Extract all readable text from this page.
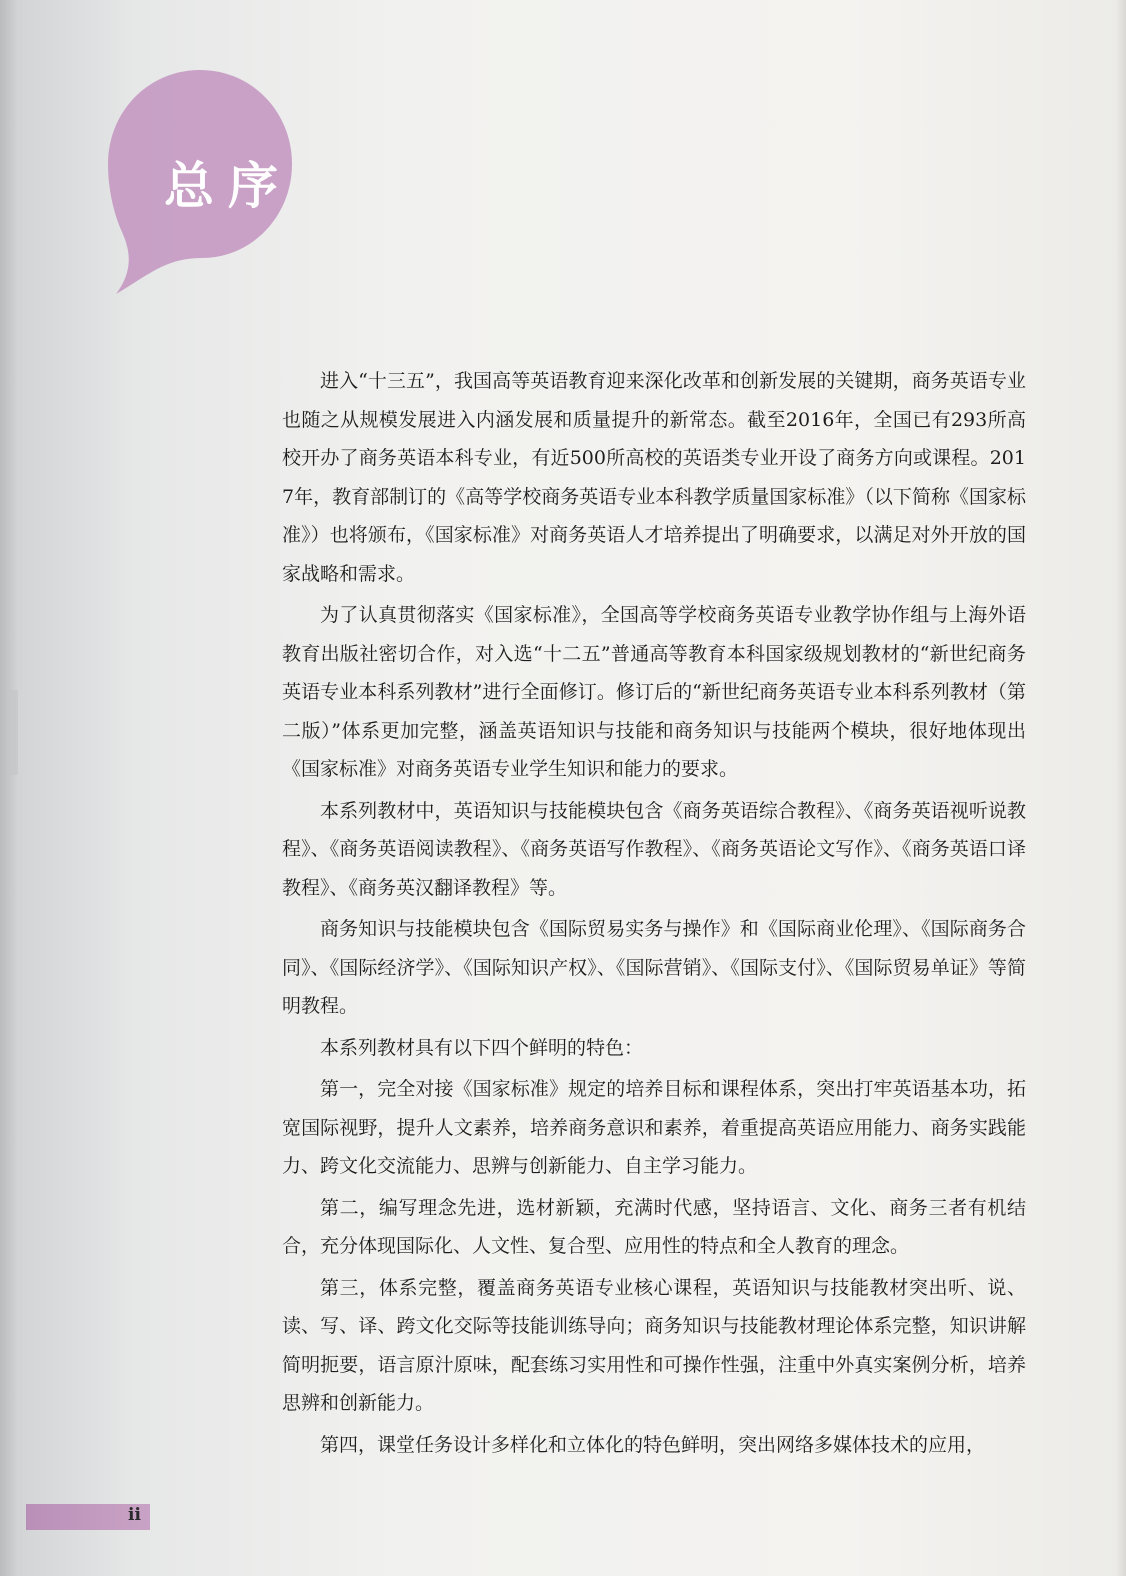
总序

进入“十三五”，我国高等英语教育迎来深化改革和创新发展的关键期，商务英语专业也随之从规模发展进入内涵发展和质量提升的新常态。截至2016年，全国已有293所高校开办了商务英语本科专业，有近500所高校的英语类专业开设了商务方向或课程。2017年，教育部制订的《高等学校商务英语专业本科教学质量国家标准》（以下简称《国家标准》）也将颁布，《国家标准》对商务英语人才培养提出了明确要求，以满足对外开放的国家战略和需求。

为了认真贯彻落实《国家标准》，全国高等学校商务英语专业教学协作组与上海外语教育出版社密切合作，对入选“十二五”普通高等教育本科国家级规划教材的“新世纪商务英语专业本科系列教材”进行全面修订。修订后的“新世纪商务英语专业本科系列教材（第二版）”体系更加完整，涵盖英语知识与技能和商务知识与技能两个模块，很好地体现出《国家标准》对商务英语专业学生知识和能力的要求。

本系列教材中，英语知识与技能模块包含《商务英语综合教程》、《商务英语视听说教程》、《商务英语阅读教程》、《商务英语写作教程》、《商务英语论文写作》、《商务英语口译教程》、《商务英汉翻译教程》等。

商务知识与技能模块包含《国际贸易实务与操作》和《国际商业伦理》、《国际商务合同》、《国际经济学》、《国际知识产权》、《国际营销》、《国际支付》、《国际贸易单证》等简明教程。

本系列教材具有以下四个鲜明的特色：

第一，完全对接《国家标准》规定的培养目标和课程体系，突出打牢英语基本功，拓宽国际视野，提升人文素养，培养商务意识和素养，着重提高英语应用能力、商务实践能力、跨文化交流能力、思辨与创新能力、自主学习能力。

第二，编写理念先进，选材新颖，充满时代感，坚持语言、文化、商务三者有机结合，充分体现国际化、人文性、复合型、应用性的特点和全人教育的理念。

第三，体系完整，覆盖商务英语专业核心课程，英语知识与技能教材突出听、说、读、写、译、跨文化交际等技能训练导向；商务知识与技能教材理论体系完整，知识讲解简明扼要，语言原汁原味，配套练习实用性和可操作性强，注重中外真实案例分析，培养思辨和创新能力。

第四，课堂任务设计多样化和立体化的特色鲜明，突出网络多媒体技术的应用，

ii
